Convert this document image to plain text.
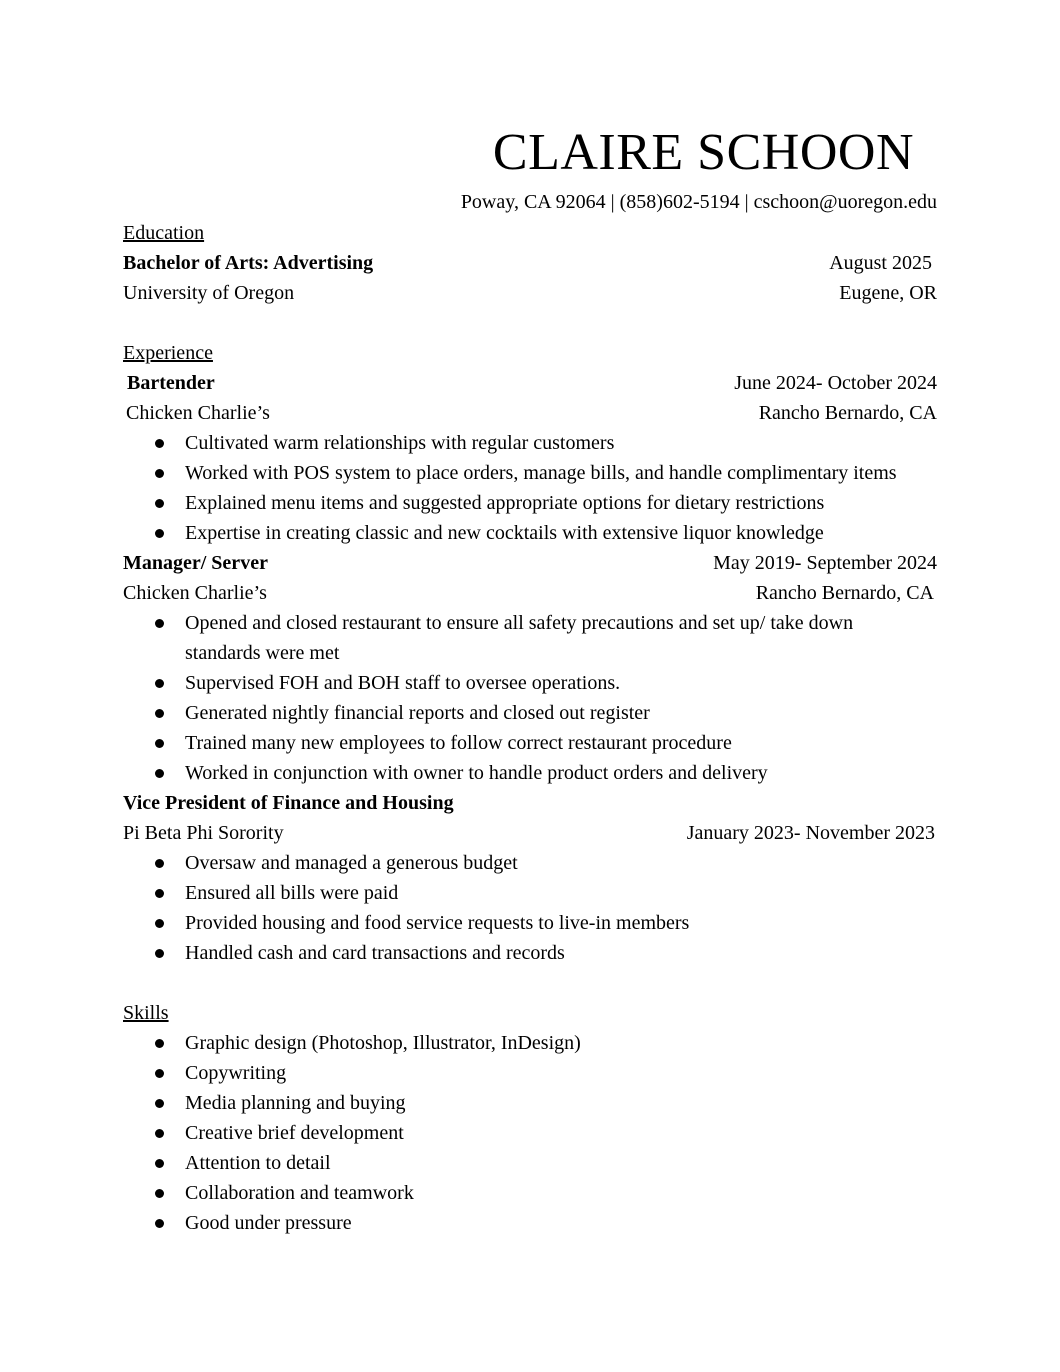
CLAIRE SCHOON
Poway, CA 92064 | (858)602-5194 | cschoon@uoregon.edu
Education
Bachelor of Arts: Advertising	August 2025
University of Oregon	Eugene, OR
Experience
Bartender	June 2024- October 2024
Chicken Charlie’s	Rancho Bernardo, CA
Cultivated warm relationships with regular customers
Worked with POS system to place orders, manage bills, and handle complimentary items
Explained menu items and suggested appropriate options for dietary restrictions
Expertise in creating classic and new cocktails with extensive liquor knowledge
Manager/ Server	May 2019- September 2024
Chicken Charlie’s	Rancho Bernardo, CA
Opened and closed restaurant to ensure all safety precautions and set up/ take down standards were met
Supervised FOH and BOH staff to oversee operations.
Generated nightly financial reports and closed out register
Trained many new employees to follow correct restaurant procedure
Worked in conjunction with owner to handle product orders and delivery
Vice President of Finance and Housing
Pi Beta Phi Sorority	January 2023- November 2023
Oversaw and managed a generous budget
Ensured all bills were paid
Provided housing and food service requests to live-in members
Handled cash and card transactions and records
Skills
Graphic design (Photoshop, Illustrator, InDesign)
Copywriting
Media planning and buying
Creative brief development
Attention to detail
Collaboration and teamwork
Good under pressure
